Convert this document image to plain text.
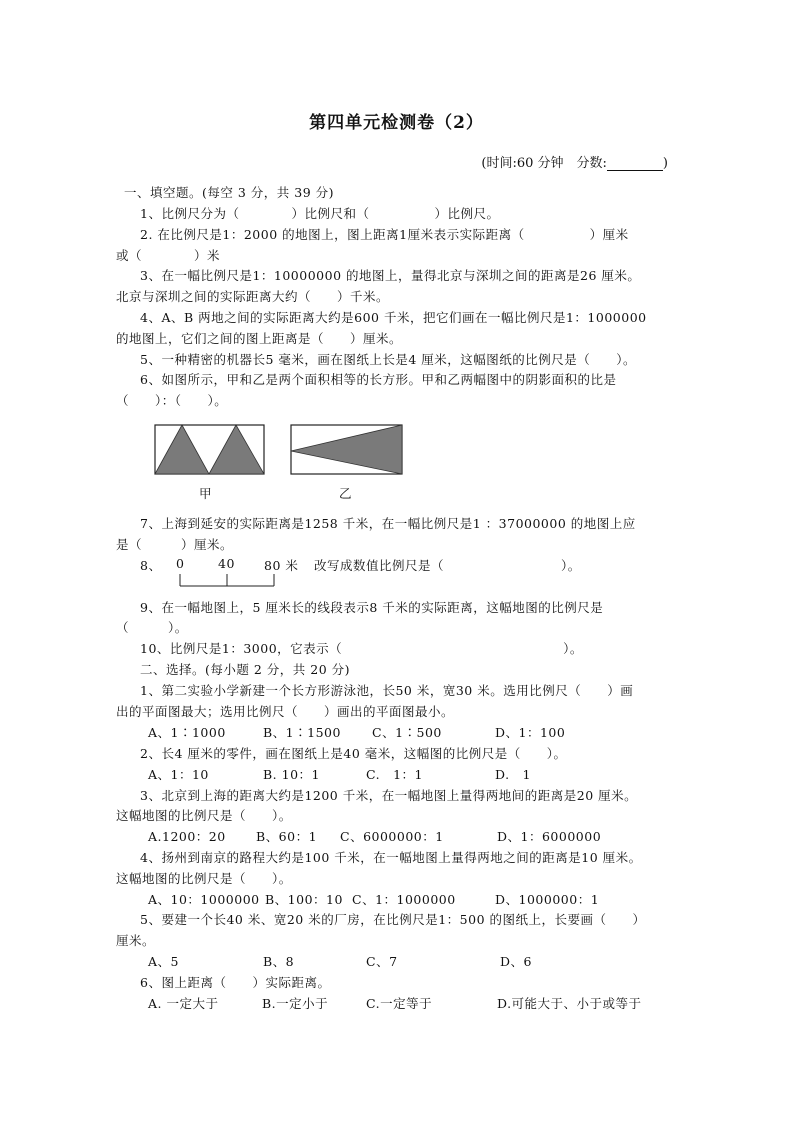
第四单元检测卷（2）
(时间:60 分钟　分数:	)
一、填空题。(每空 3 分，共 39 分)
1、比例尺分为（　　　　）比例尺和（　　　　　）比例尺。
2. 在比例尺是1：2000 的地图上，图上距离1厘米表示实际距离（　　　　　）厘米
或（　　　　）米
3、在一幅比例尺是1：10000000 的地图上，量得北京与深圳之间的距离是26 厘米。
北京与深圳之间的实际距离大约（　　）千米。
4、A、B 两地之间的实际距离大约是600 千米，把它们画在一幅比例尺是1：1000000
的地图上，它们之间的图上距离是（　　）厘米。
5、一种精密的机器长5 毫米，画在图纸上长是4 厘米，这幅图纸的比例尺是（　　）。
6、如图所示，甲和乙是两个面积相等的长方形。甲和乙两幅图中的阴影面积的比是
（　　）：（　　）。
甲	乙
7、上海到延安的实际距离是1258 千米，在一幅比例尺是1 ：37000000 的地图上应
是（　　　）厘米。
8、 0	40 80 米 改写成数值比例尺是（　　　　　　　　　）。
9、在一幅地图上，5 厘米长的线段表示8 千米的实际距离，这幅地图的比例尺是
（　　　）。
10、比例尺是1：3000，它表示（　　　　　　　　　　　　　　　　　）。
二、选择。(每小题 2 分，共 20 分)
1、第二实验小学新建一个长方形游泳池，长50 米，宽30 米。选用比例尺（　　）画
出的平面图最大；选用比例尺（　　）画出的平面图最小。
A、1∶1000	B、1∶1500 C、1∶500	D、1：100
2、长4 厘米的零件，画在图纸上是40 毫米，这幅图的比例尺是（　　）。
A、1：10	B. 10：1	C.　1：1	D.　1
3、北京到上海的距离大约是1200 千米，在一幅地图上量得两地间的距离是20 厘米。
这幅地图的比例尺是（　　）。
A.1200：20 B、60：1 C、6000000：1	D、1：6000000
4、扬州到南京的路程大约是100 千米，在一幅地图上量得两地之间的距离是10 厘米。
这幅地图的比例尺是（　　）。
A、10：1000000 B、100：10 C、1：1000000	D、1000000：1
5、要建一个长40 米、宽20 米的厂房，在比例尺是1：500 的图纸上，长要画（　　）
厘米。
A、5	B、8	C、7	D、6
6、图上距离（　　）实际距离。
A. 一定大于	B.一定小于	C.一定等于	D.可能大于、小于或等于
